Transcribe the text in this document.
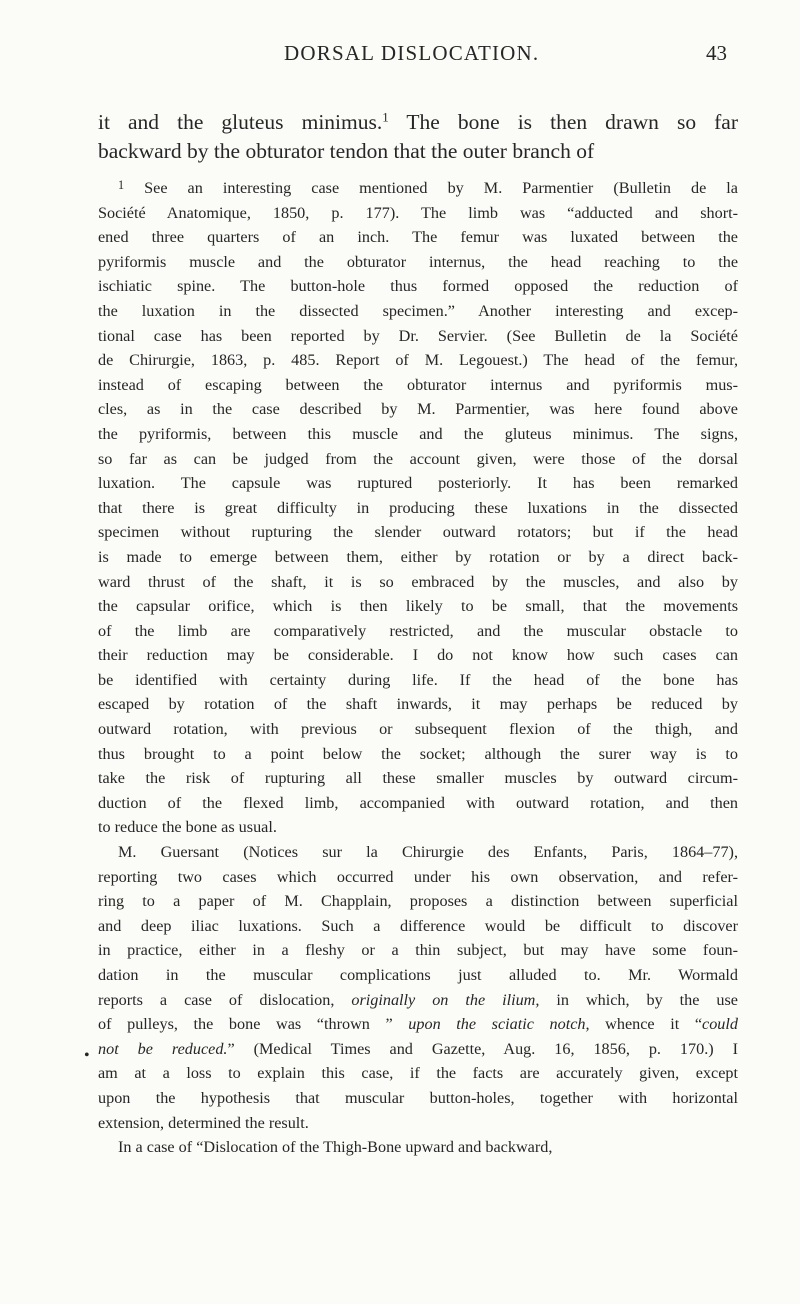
DORSAL DISLOCATION.	43
it and the gluteus minimus.$^1$ The bone is then drawn so far
backward by the obturator tendon that the outer branch of
$^1$ See an interesting case mentioned by M. Parmentier (Bulletin de la
Société Anatomique, 1850, p. 177). The limb was “adducted and short-
ened three quarters of an inch. The femur was luxated between the
pyriformis muscle and the obturator internus, the head reaching to the
ischiatic spine. The button-hole thus formed opposed the reduction of
the luxation in the dissected specimen.” Another interesting and excep-
tional case has been reported by Dr. Servier. (See Bulletin de la Société
de Chirurgie, 1863, p. 485. Report of M. Legouest.) The head of the femur,
instead of escaping between the obturator internus and pyriformis mus-
cles, as in the case described by M. Parmentier, was here found above
the pyriformis, between this muscle and the gluteus minimus. The signs,
so far as can be judged from the account given, were those of the dorsal
luxation. The capsule was ruptured posteriorly. It has been remarked
that there is great difficulty in producing these luxations in the dissected
specimen without rupturing the slender outward rotators; but if the head
is made to emerge between them, either by rotation or by a direct back-
ward thrust of the shaft, it is so embraced by the muscles, and also by
the capsular orifice, which is then likely to be small, that the movements
of the limb are comparatively restricted, and the muscular obstacle to
their reduction may be considerable. I do not know how such cases can
be identified with certainty during life. If the head of the bone has
escaped by rotation of the shaft inwards, it may perhaps be reduced by
outward rotation, with previous or subsequent flexion of the thigh, and
thus brought to a point below the socket; although the surer way is to
take the risk of rupturing all these smaller muscles by outward circum-
duction of the flexed limb, accompanied with outward rotation, and then
to reduce the bone as usual.
M. Guersant (Notices sur la Chirurgie des Enfants, Paris, 1864–77),
reporting two cases which occurred under his own observation, and refer-
ring to a paper of M. Chapplain, proposes a distinction between superficial
and deep iliac luxations. Such a difference would be difficult to discover
in practice, either in a fleshy or a thin subject, but may have some foun-
dation in the muscular complications just alluded to. Mr. Wormald
reports a case of dislocation, originally on the ilium, in which, by the use
of pulleys, the bone was “thrown ” upon the sciatic notch, whence it “could
not be reduced.” (Medical Times and Gazette, Aug. 16, 1856, p. 170.) I
am at a loss to explain this case, if the facts are accurately given, except
upon the hypothesis that muscular button-holes, together with horizontal
extension, determined the result.
In a case of “Dislocation of the Thigh-Bone upward and backward,
•
